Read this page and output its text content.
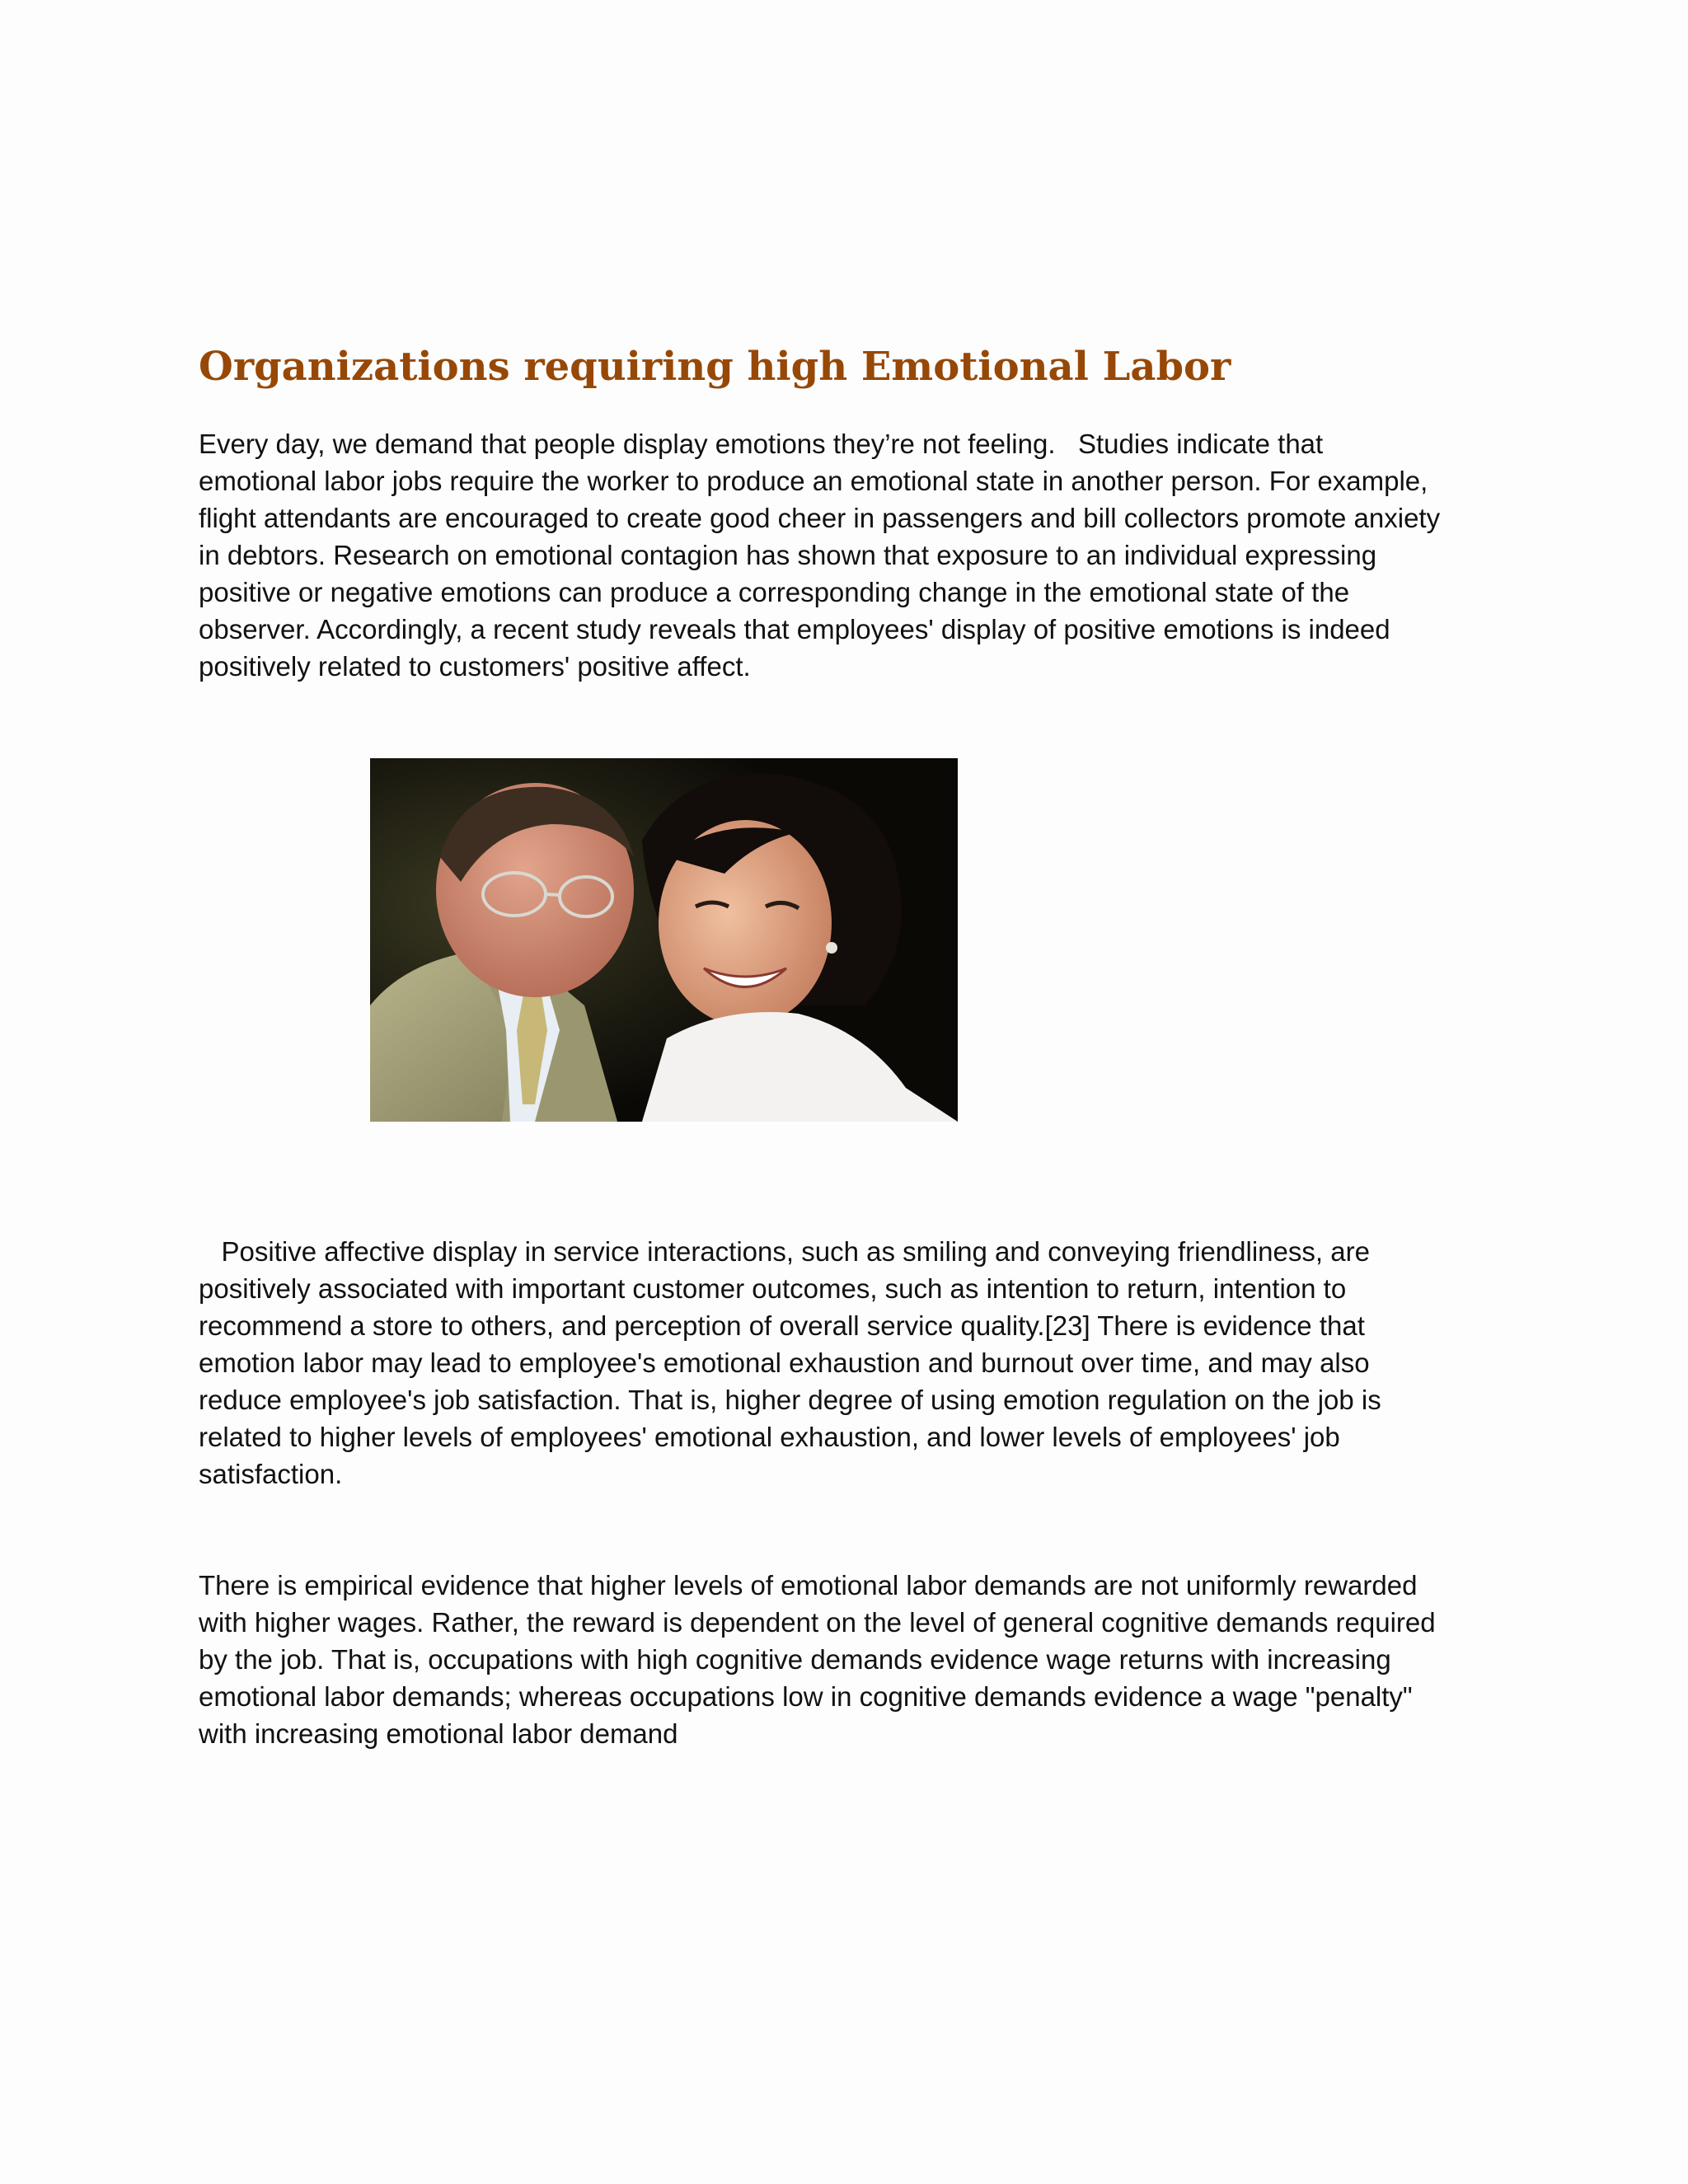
Organizations requiring high Emotional Labor

Every day, we demand that people display emotions they’re not feeling.   Studies indicate that
emotional labor jobs require the worker to produce an emotional state in another person. For example,
flight attendants are encouraged to create good cheer in passengers and bill collectors promote anxiety
in debtors. Research on emotional contagion has shown that exposure to an individual expressing
positive or negative emotions can produce a corresponding change in the emotional state of the
observer. Accordingly, a recent study reveals that employees' display of positive emotions is indeed
positively related to customers' positive affect.

Positive affective display in service interactions, such as smiling and conveying friendliness, are
positively associated with important customer outcomes, such as intention to return, intention to
recommend a store to others, and perception of overall service quality.[23] There is evidence that
emotion labor may lead to employee's emotional exhaustion and burnout over time, and may also
reduce employee's job satisfaction. That is, higher degree of using emotion regulation on the job is
related to higher levels of employees' emotional exhaustion, and lower levels of employees' job
satisfaction.

There is empirical evidence that higher levels of emotional labor demands are not uniformly rewarded
with higher wages. Rather, the reward is dependent on the level of general cognitive demands required
by the job. That is, occupations with high cognitive demands evidence wage returns with increasing
emotional labor demands; whereas occupations low in cognitive demands evidence a wage "penalty"
with increasing emotional labor demand
